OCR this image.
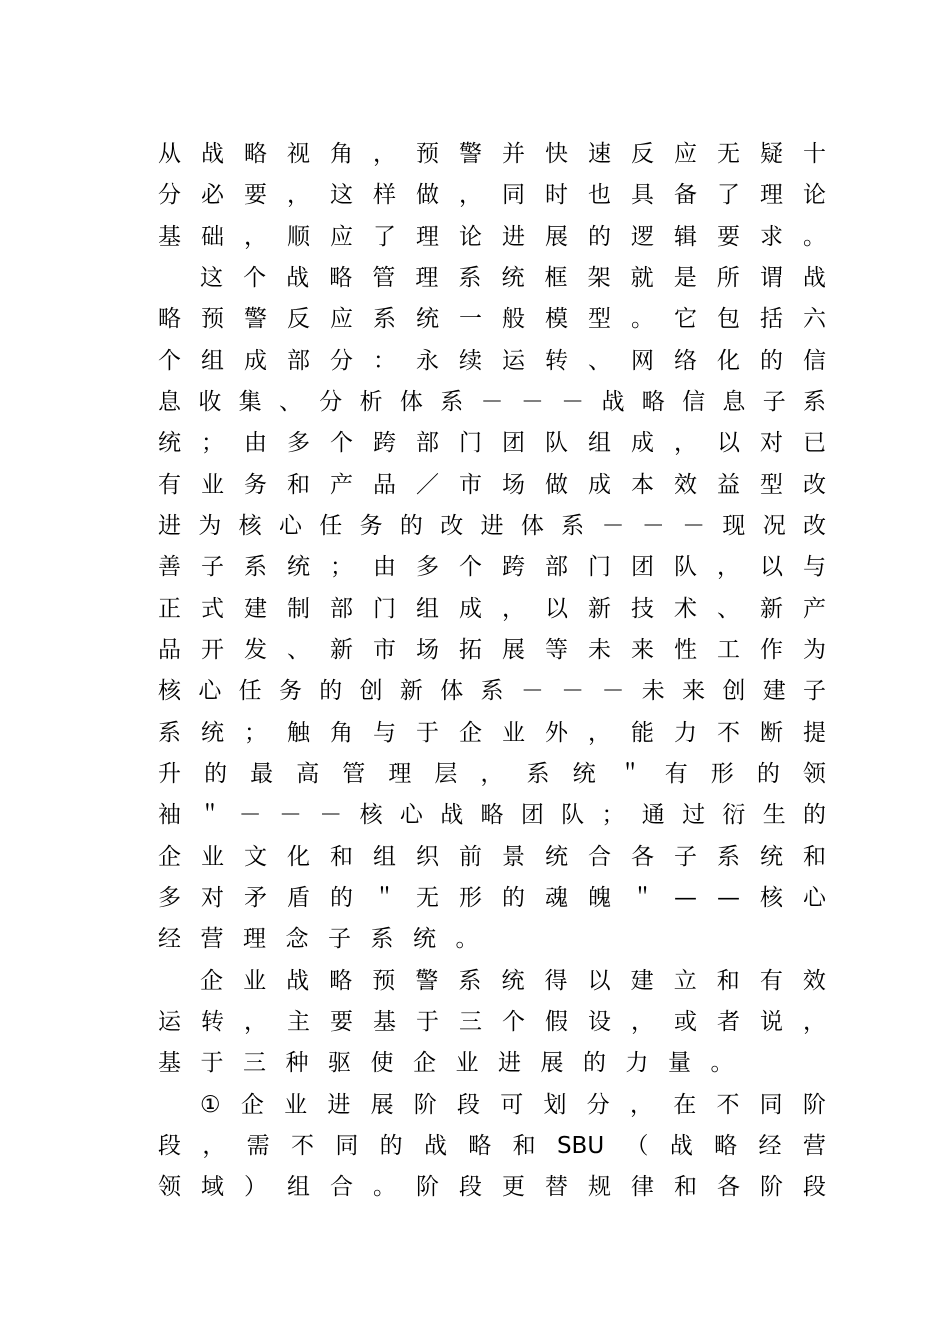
从 战 略 视 角 ， 预 警 并 快 速 反 应 无 疑 十
分 必 要 ， 这 样 做 ， 同 时 也 具 备 了 理 论
基 础 ， 顺 应 了 理 论 进 展 的 逻 辑 要 求 。
这 个 战 略 管 理 系 统 框 架 就 是 所 谓 战
略 预 警 反 应 系 统 一 般 模 型 。 它 包 括 六
个 组 成 部 分 ： 永 续 运 转 、 网 络 化 的 信
息 收 集 、 分 析 体 系 － － － 战 略 信 息 子 系
统 ； 由 多 个 跨 部 门 团 队 组 成 ， 以 对 已
有 业 务 和 产 品 ／ 市 场 做 成 本 效 益 型 改
进 为 核 心 任 务 的 改 进 体 系 － － － 现 况 改
善 子 系 统 ； 由 多 个 跨 部 门 团 队 ， 以 与
正 式 建 制 部 门 组 成 ， 以 新 技 术 、 新 产
品 开 发 、 新 市 场 拓 展 等 未 来 性 工 作 为
核 心 任 务 的 创 新 体 系 － － － 未 来 创 建 子
系 统 ； 触 角 与 于 企 业 外 ， 能 力 不 断 提
升 的 最 高 管 理 层 ， 系 统 ＂ 有 形 的 领
袖 ＂ － － － 核 心 战 略 团 队 ； 通 过 衍 生 的
企 业 文 化 和 组 织 前 景 统 合 各 子 系 统 和
多 对 矛 盾 的 ＂ 无 形 的 魂 魄 ＂ — — 核 心
经 营 理 念 子 系 统 。
企 业 战 略 预 警 系 统 得 以 建 立 和 有 效
运 转 ， 主 要 基 于 三 个 假 设 ， 或 者 说 ，
基 于 三 种 驱 使 企 业 进 展 的 力 量 。
① 企 业 进 展 阶 段 可 划 分 ， 在 不 同 阶
段 ， 需 不 同 的 战 略 和 SBU （ 战 略 经 营
领 域 ） 组 合 。 阶 段 更 替 规 律 和 各 阶 段
